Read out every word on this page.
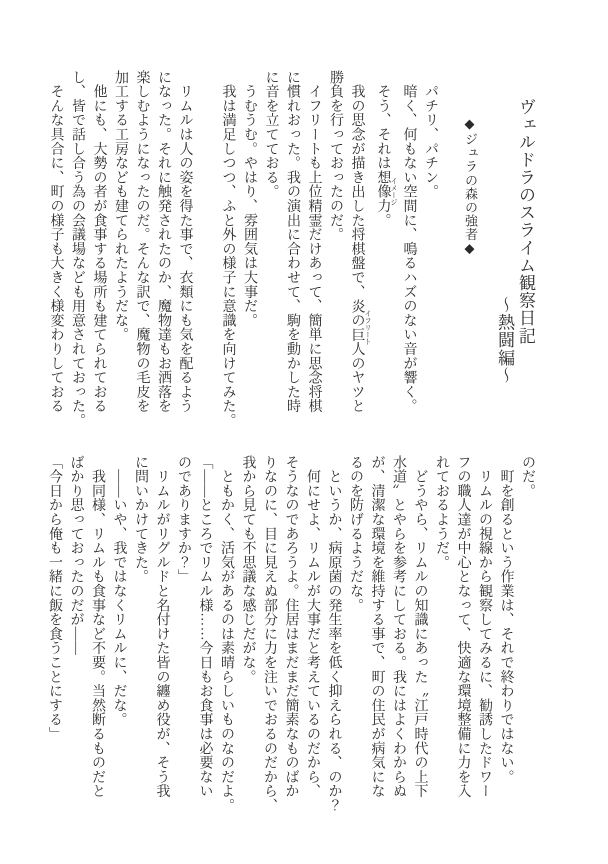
ヴェルドラのスライム観察日記

～熱闘編～

◆ジュラの森の強者◆

　パチリ、パチン。

　暗く、何もない空間に、鳴るハズのない音が響く。

　そう、それは想像力 イメージ。

　我の思念が描き出した将棋盤で、炎の巨人 イフリートのヤツと

勝負を行っておったのだ。

　イフリートも上位精霊だけあって、簡単に思念将棋

に慣れおった。我の演出に合わせて、駒を動かした時

に音を立てておる。

　うむうむ。やはり、雰囲気は大事だ。

　我は満足しつつ、ふと外の様子に意識を向けてみた。

　リムルは人の姿を得た事で、衣類にも気を配るよう

になった。それに触発されたのか、魔物達もお洒落を

楽しむようになったのだ。そんな訳で、魔物の毛皮を

加工する工房なども建てられたようだな。

　他にも、大勢の者が食事する場所も建てられておる

し、皆で話し合う為の会議場なども用意されておった。

　そんな具合に、町の様子も大きく様変わりしておる

のだ。

　町を創るという作業は、それで終わりではない。

　リムルの視線から観察してみるに、勧誘したドワー

フの職人達が中心となって、快適な環境整備に力を入

れておるようだ。

　どうやら、リムルの知識にあった〝江戸時代の上下

水道〟とやらを参考にしておる。我にはよくわからぬ

が、清潔な環境を維持する事で、町の住民が病気にな

るのを防げるようだな。

　というか、病原菌の発生率を低く抑えられる、のか？

　何にせよ、リムルが大事だと考えているのだから、

そうなのであろうよ。住居はまだまだ簡素なものばか

りなのに、目に見えぬ部分に力を注いでおるのだから、

我から見ても不思議な感じだがな。

　ともかく、活気があるのは素晴らしいものなのだよ。

「――ところでリムル様……今日もお食事は必要ない

のでありますか？」

　リムルがリグルドと名付けた皆の纏め役が、そう我

に問いかけてきた。

　――いや、我ではなくリムルに、だな。

　我同様、リムルも食事など不要。当然断るものだと

ばかり思っておったのだが――

「今日から俺も一緒に飯を食うことにする」
